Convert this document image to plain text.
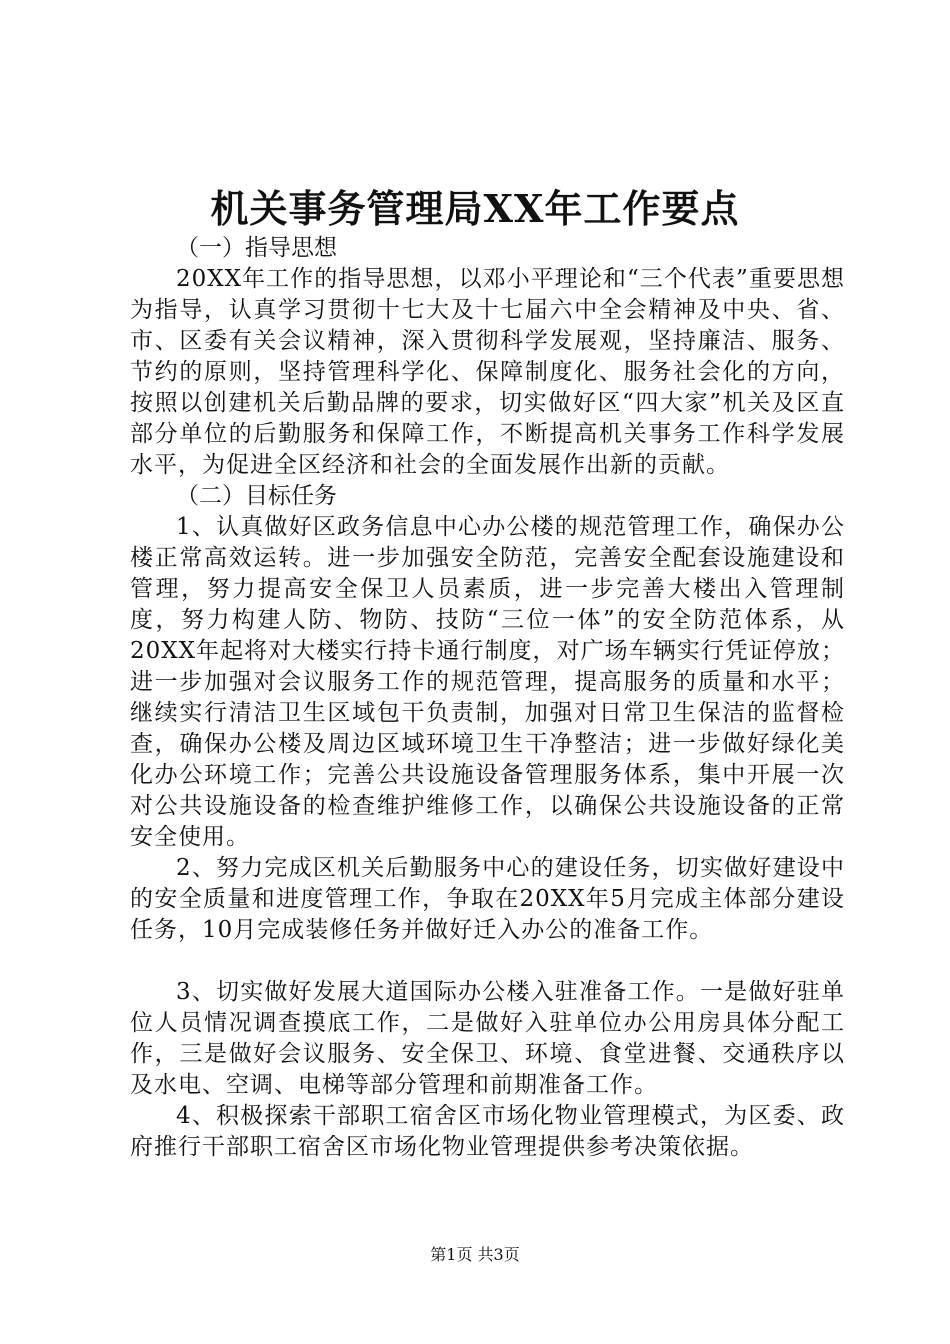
机关事务管理局XX年工作要点

（一）指导思想

20XX年工作的指导思想，以邓小平理论和“三个代表”重要思想为指导，认真学习贯彻十七大及十七届六中全会精神及中央、省、市、区委有关会议精神，深入贯彻科学发展观，坚持廉洁、服务、节约的原则，坚持管理科学化、保障制度化、服务社会化的方向，按照以创建机关后勤品牌的要求，切实做好区“四大家”机关及区直部分单位的后勤服务和保障工作，不断提高机关事务工作科学发展水平，为促进全区经济和社会的全面发展作出新的贡献。

（二）目标任务

1、认真做好区政务信息中心办公楼的规范管理工作，确保办公楼正常高效运转。进一步加强安全防范，完善安全配套设施建设和管理，努力提高安全保卫人员素质，进一步完善大楼出入管理制度，努力构建人防、物防、技防“三位一体”的安全防范体系，从20XX年起将对大楼实行持卡通行制度，对广场车辆实行凭证停放；进一步加强对会议服务工作的规范管理，提高服务的质量和水平；继续实行清洁卫生区域包干负责制，加强对日常卫生保洁的监督检查，确保办公楼及周边区域环境卫生干净整洁；进一步做好绿化美化办公环境工作；完善公共设施设备管理服务体系，集中开展一次对公共设施设备的检查维护维修工作，以确保公共设施设备的正常安全使用。

2、努力完成区机关后勤服务中心的建设任务，切实做好建设中的安全质量和进度管理工作，争取在20XX年5月完成主体部分建设任务，10月完成装修任务并做好迁入办公的准备工作。

3、切实做好发展大道国际办公楼入驻准备工作。一是做好驻单位人员情况调查摸底工作，二是做好入驻单位办公用房具体分配工作，三是做好会议服务、安全保卫、环境、食堂进餐、交通秩序以及水电、空调、电梯等部分管理和前期准备工作。

4、积极探索干部职工宿舍区市场化物业管理模式，为区委、政府推行干部职工宿舍区市场化物业管理提供参考决策依据。

第1页 共3页
